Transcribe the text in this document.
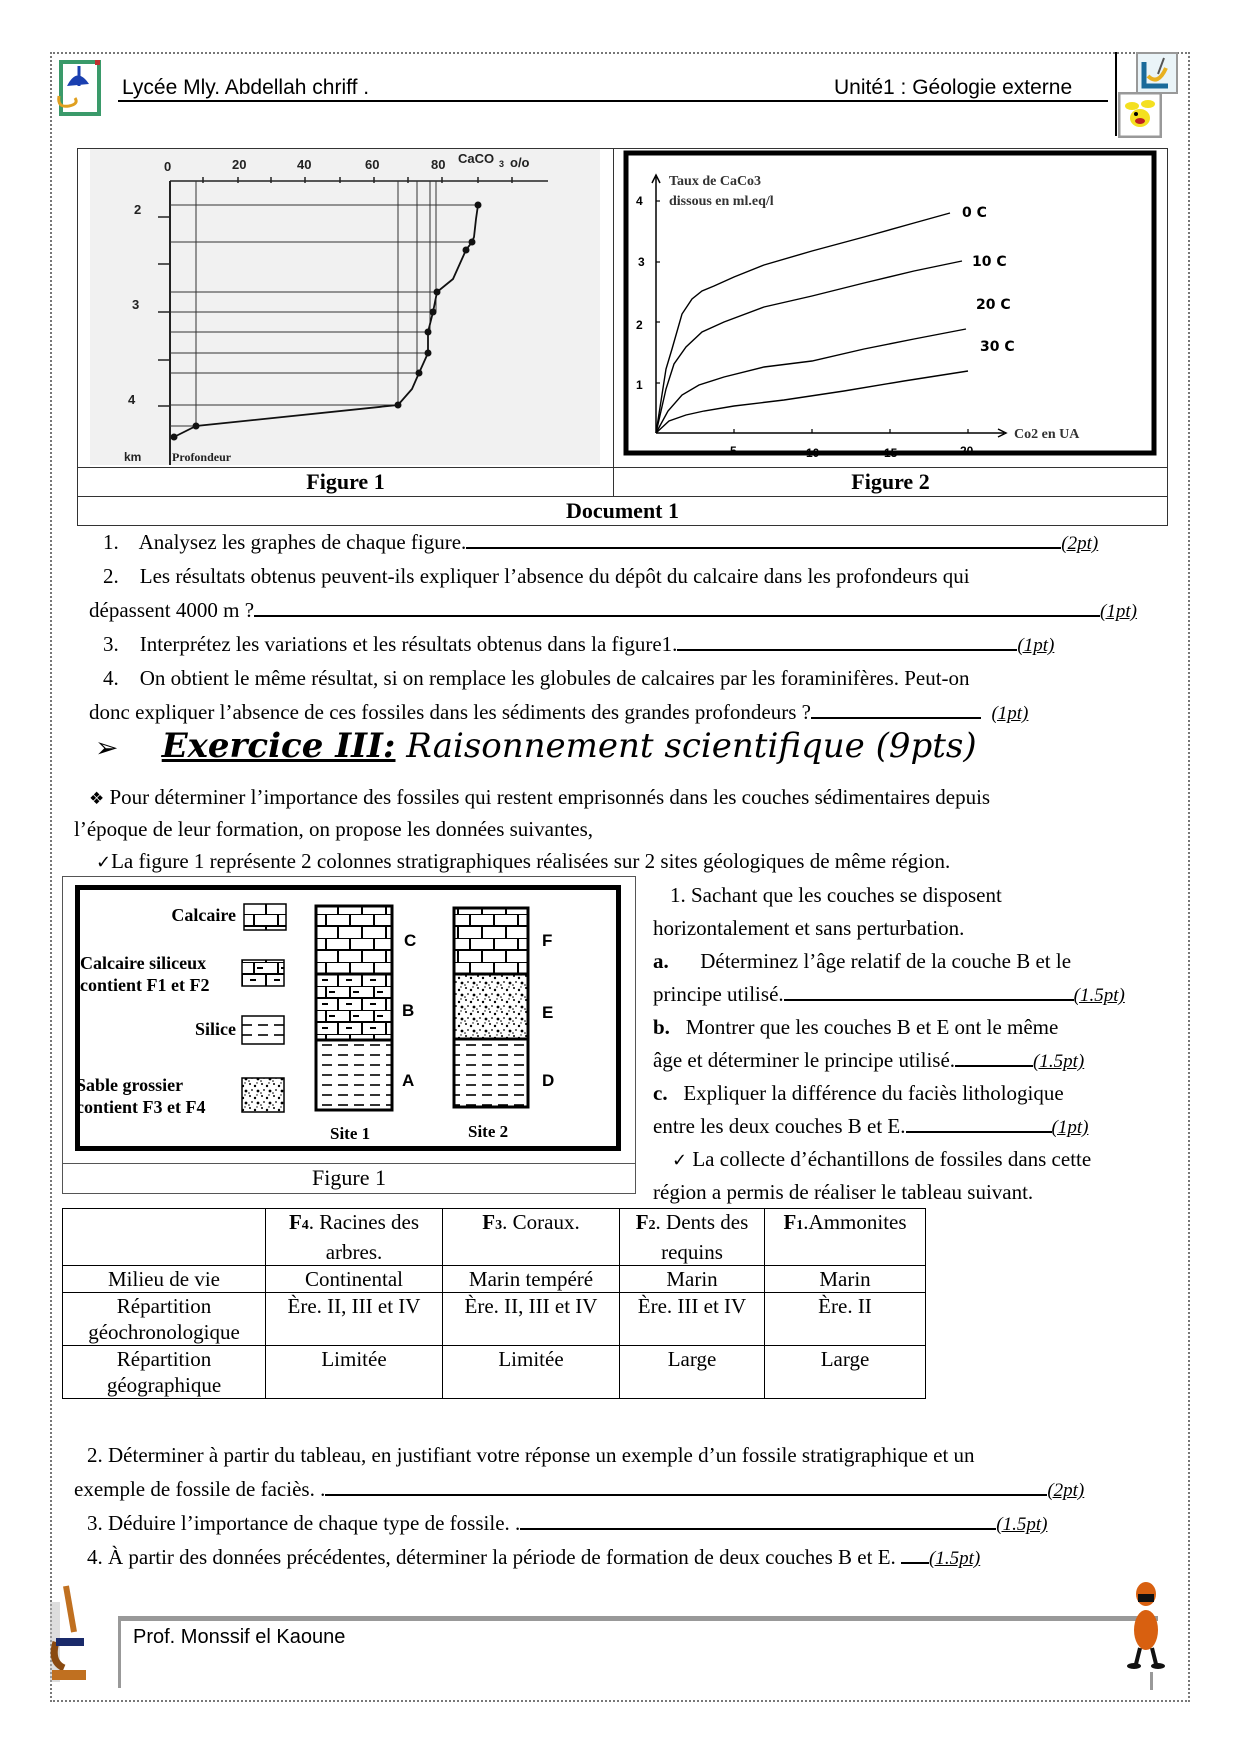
Lycée Mly. Abdellah chriff .	Unité1 : Géologie externe
0	20	40	60	80 CaCO 3 o/o
2
3
4
km	Profondeur

Taux de CaCo3
dissous en ml.eq/l
Co2 en UA
4
3
2
1
5	10	15	20
0 C
10 C
20 C
30 C

Figure 1	Figure 2
Document 1	
1. Analysez les graphes de chaque figure.	(2pt)
2. Les résultats obtenus peuvent-ils expliquer l’absence du dépôt du calcaire dans les profondeurs qui
dépassent 4000 m ?	(1pt)
3. Interprétez les variations et les résultats obtenus dans la figure1.	(1pt)
4. On obtient le même résultat, si on remplace les globules de calcaires par les foraminifères. Peut-on
donc expliquer l’absence de ces fossiles dans les sédiments des grandes profondeurs ?	(1pt)
➢ Exercice III: Raisonnement scientifique (9pts)
❖ Pour déterminer l’importance des fossiles qui restent emprisonnés dans les couches sédimentaires depuis
l’époque de leur formation, on propose les données suivantes,
✓La figure 1 représente 2 colonnes stratigraphiques réalisées sur 2 sites géologiques de même région.
C
B
A
F
E
D
Site 1	Site 2
Calcaire
Calcaire siliceux
contient F1 et F2
Silice
Sable grossier
contient F3 et F4
Figure 1
1. Sachant que les couches se disposent
horizontalement et sans perturbation.
a. Déterminez l’âge relatif de la couche B et le
principe utilisé.	(1.5pt)
b. Montrer que les couches B et E ont le même
âge et déterminer le principe utilisé.	(1.5pt)
c. Expliquer la différence du faciès lithologique
entre les deux couches B et E.	(1pt)
✓ La collecte d’échantillons de fossiles dans cette
région a permis de réaliser le tableau suivant.
	F4. Racines des arbres.	F3. Coraux.	F2. Dents des requins	F1.Ammonites
Milieu de vie	Continental	Marin tempéré	Marin	Marin
Répartition géochronologique	Ère. II, III et IV	Ère. II, III et IV	Ère. III et IV	Ère. II
Répartition géographique	Limitée	Limitée	Large	Large
2. Déterminer à partir du tableau, en justifiant votre réponse un exemple d’un fossile stratigraphique et un
exemple de fossile de faciès. .	(2pt)
3. Déduire l’importance de chaque type de fossile. .	(1.5pt)
4. À partir des données précédentes, déterminer la période de formation de deux couches B et E. (1.5pt)
Prof. Monssif el Kaoune
